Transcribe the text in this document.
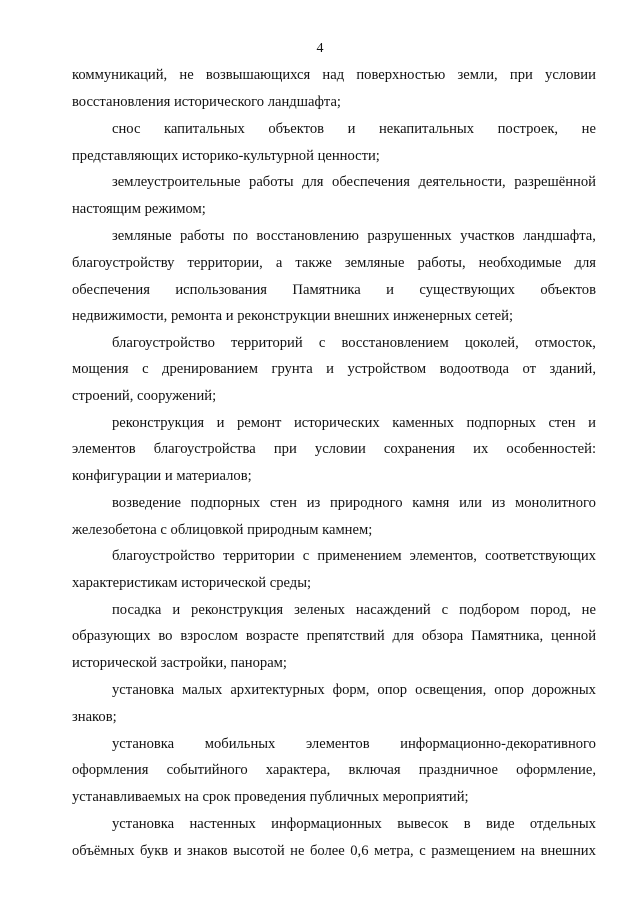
4
коммуникаций, не возвышающихся над поверхностью земли, при условии
восстановления исторического ландшафта;
снос капитальных объектов и некапитальных построек, не
представляющих историко-культурной ценности;
землеустроительные работы для обеспечения деятельности, разрешённой
настоящим режимом;
земляные работы по восстановлению разрушенных участков ландшафта,
благоустройству территории, а также земляные работы, необходимые для
обеспечения использования Памятника и существующих объектов
недвижимости, ремонта и реконструкции внешних инженерных сетей;
благоустройство территорий с восстановлением цоколей, отмосток,
мощения с дренированием грунта и устройством водоотвода от зданий,
строений, сооружений;
реконструкция и ремонт исторических каменных подпорных стен и
элементов благоустройства при условии сохранения их особенностей:
конфигурации и материалов;
возведение подпорных стен из природного камня или из монолитного
железобетона с облицовкой природным камнем;
благоустройство территории с применением элементов, соответствующих
характеристикам исторической среды;
посадка и реконструкция зеленых насаждений с подбором пород, не
образующих во взрослом возрасте препятствий для обзора Памятника, ценной
исторической застройки, панорам;
установка малых архитектурных форм, опор освещения, опор дорожных
знаков;
установка мобильных элементов информационно-декоративного
оформления событийного характера, включая праздничное оформление,
устанавливаемых на срок проведения публичных мероприятий;
установка настенных информационных вывесок в виде отдельных
объёмных букв и знаков высотой не более 0,6 метра, с размещением на внешних
